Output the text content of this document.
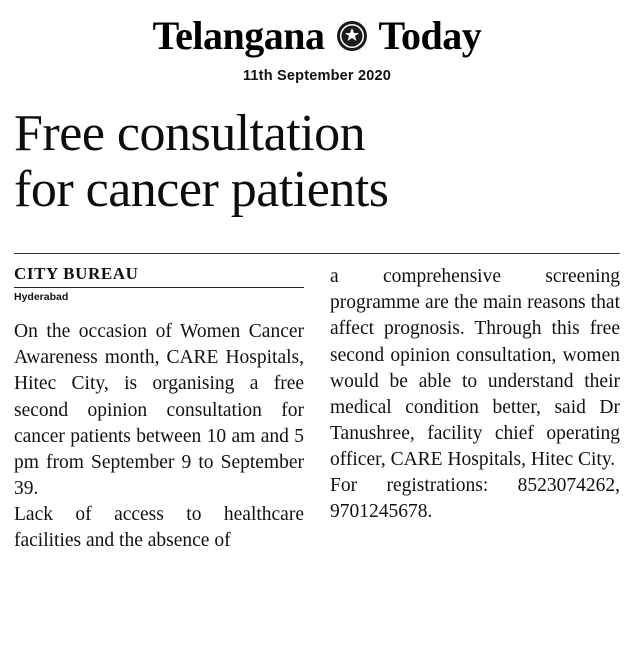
Telangana Today
11th September 2020
Free consultation
for cancer patients
CITY BUREAU
Hyderabad

On the occasion of Women Cancer Awareness month, CARE Hospitals, Hitec City, is organising a free second opinion consultation for cancer patients between 10 am and 5 pm from September 9 to September 39.

Lack of access to healthcare facilities and the absence of

a comprehensive screening programme are the main reasons that affect prognosis. Through this free second opinion consultation, women would be able to understand their medical condition better, said Dr Tanushree, facility chief operating officer, CARE Hospitals, Hitec City.

For registrations: 8523074262, 9701245678.
